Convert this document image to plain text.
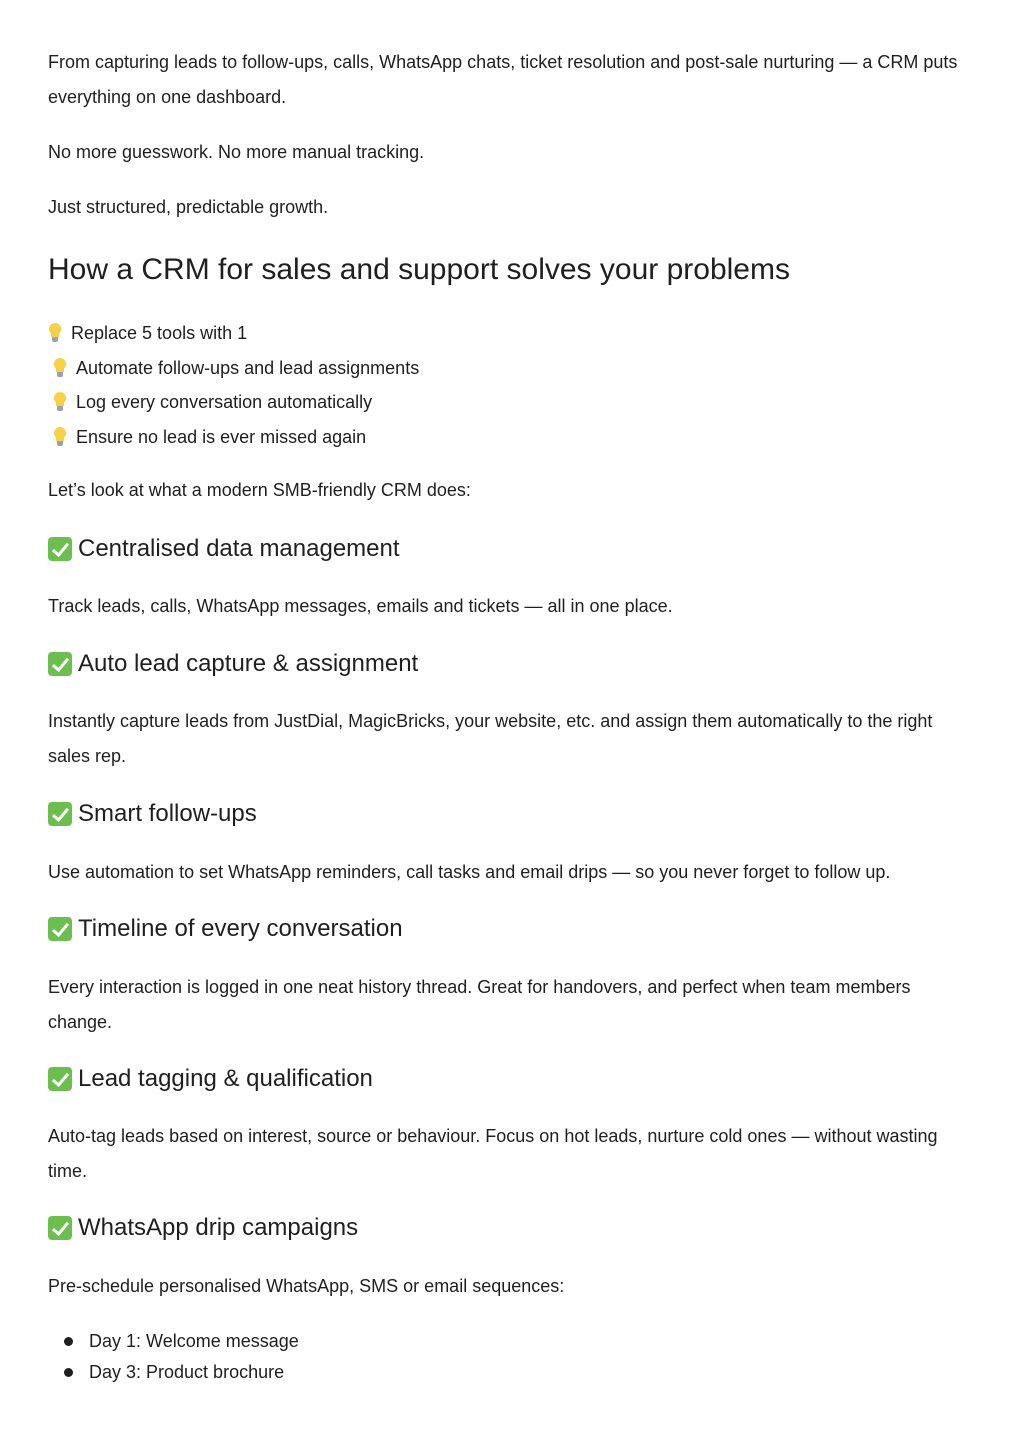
From capturing leads to follow-ups, calls, WhatsApp chats, ticket resolution and post-sale nurturing — a CRM puts everything on one dashboard.

No more guesswork. No more manual tracking.

Just structured, predictable growth.

How a CRM for sales and support solves your problems
Replace 5 tools with 1
Automate follow-ups and lead assignments
Log every conversation automatically
Ensure no lead is ever missed again

Let’s look at what a modern SMB-friendly CRM does:

Centralised data management

Track leads, calls, WhatsApp messages, emails and tickets — all in one place.

Auto lead capture & assignment

Instantly capture leads from JustDial, MagicBricks, your website, etc. and assign them automatically to the right sales rep.

Smart follow-ups

Use automation to set WhatsApp reminders, call tasks and email drips — so you never forget to follow up.

Timeline of every conversation

Every interaction is logged in one neat history thread. Great for handovers, and perfect when team members change.

Lead tagging & qualification

Auto-tag leads based on interest, source or behaviour. Focus on hot leads, nurture cold ones — without wasting time.

WhatsApp drip campaigns

Pre-schedule personalised WhatsApp, SMS or email sequences:

Day 1: Welcome message
Day 3: Product brochure
